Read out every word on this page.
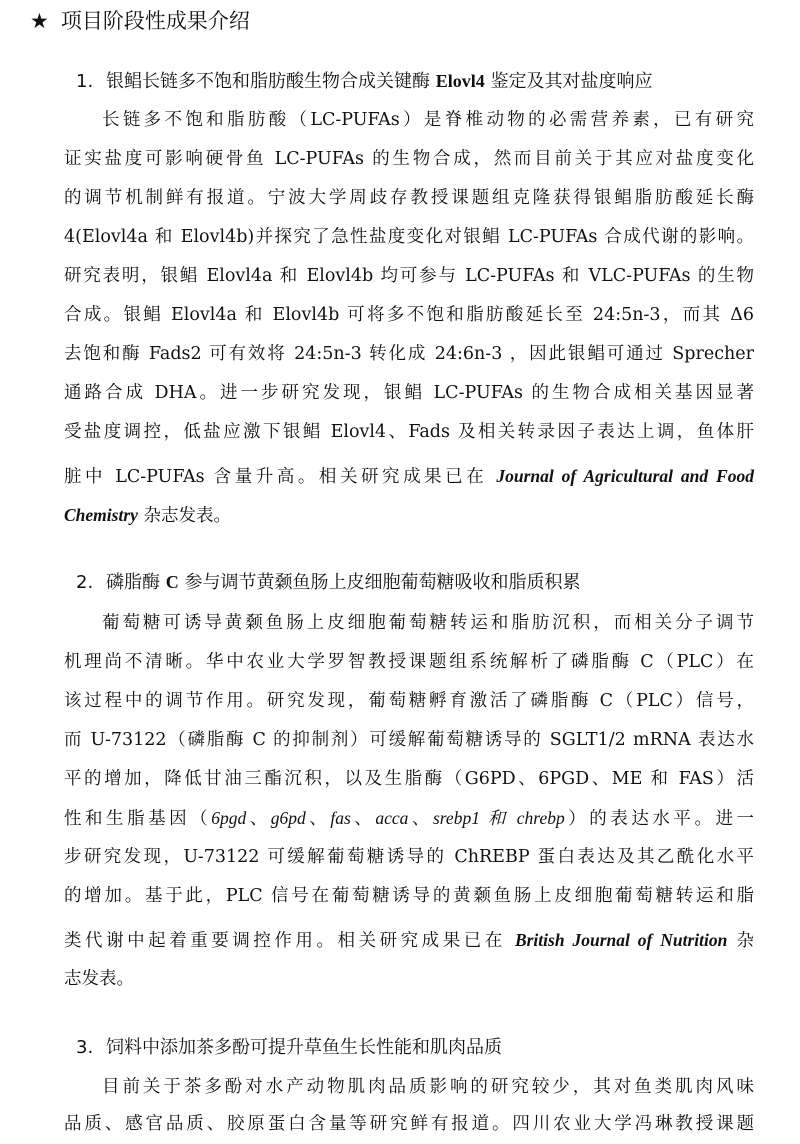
★ 项目阶段性成果介绍
1. 银鲳长链多不饱和脂肪酸生物合成关键酶 Elovl4 鉴定及其对盐度响应
长链多不饱和脂肪酸（LC-PUFAs）是脊椎动物的必需营养素，已有研究
证实盐度可影响硬骨鱼 LC-PUFAs 的生物合成，然而目前关于其应对盐度变化
的调节机制鲜有报道。宁波大学周歧存教授课题组克隆获得银鲳脂肪酸延长酶
4(Elovl4a 和 Elovl4b)并探究了急性盐度变化对银鲳 LC-PUFAs 合成代谢的影响。
研究表明，银鲳 Elovl4a 和 Elovl4b 均可参与 LC-PUFAs 和 VLC-PUFAs 的生物
合成。银鲳 Elovl4a 和 Elovl4b 可将多不饱和脂肪酸延长至 24:5n-3，而其 Δ6
去饱和酶 Fads2 可有效将 24:5n-3 转化成 24:6n-3 ，因此银鲳可通过 Sprecher
通路合成 DHA。进一步研究发现，银鲳 LC-PUFAs 的生物合成相关基因显著
受盐度调控，低盐应激下银鲳 Elovl4、Fads 及相关转录因子表达上调，鱼体肝
脏中 LC-PUFAs 含量升高。相关研究成果已在 Journal of Agricultural and Food
Chemistry 杂志发表。
2. 磷脂酶 C 参与调节黄颡鱼肠上皮细胞葡萄糖吸收和脂质积累
葡萄糖可诱导黄颡鱼肠上皮细胞葡萄糖转运和脂肪沉积，而相关分子调节
机理尚不清晰。华中农业大学罗智教授课题组系统解析了磷脂酶 C（PLC）在
该过程中的调节作用。研究发现，葡萄糖孵育激活了磷脂酶 C（PLC）信号，
而 U-73122（磷脂酶 C 的抑制剂）可缓解葡萄糖诱导的 SGLT1/2 mRNA 表达水
平的增加，降低甘油三酯沉积，以及生脂酶（G6PD、6PGD、ME 和 FAS）活
性和生脂基因（6pgd、g6pd、fas、acca、srebp1 和 chrebp）的表达水平。进一
步研究发现，U-73122 可缓解葡萄糖诱导的 ChREBP 蛋白表达及其乙酰化水平
的增加。基于此，PLC 信号在葡萄糖诱导的黄颡鱼肠上皮细胞葡萄糖转运和脂
类代谢中起着重要调控作用。相关研究成果已在 British Journal of Nutrition 杂
志发表。
3. 饲料中添加茶多酚可提升草鱼生长性能和肌肉品质
目前关于茶多酚对水产动物肌肉品质影响的研究较少，其对鱼类肌肉风味
品质、感官品质、胶原蛋白含量等研究鲜有报道。四川农业大学冯琳教授课题
